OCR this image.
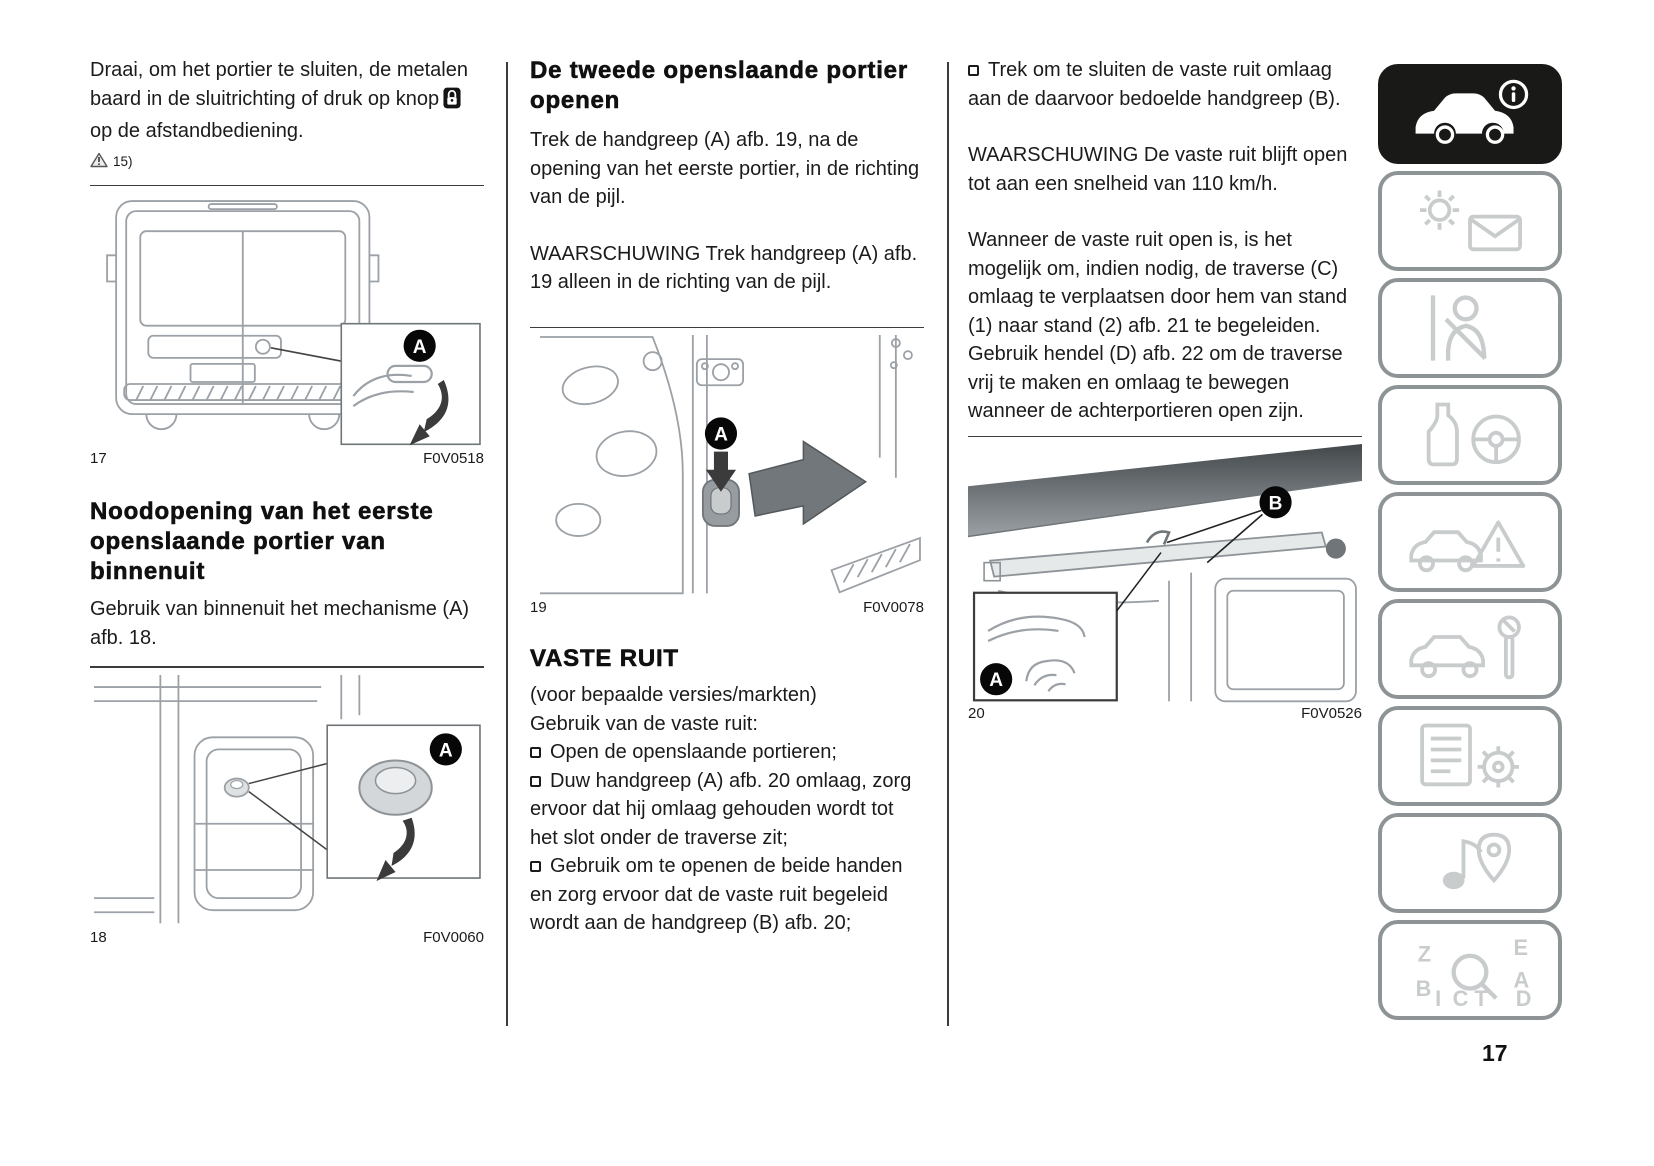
Draai, om het portier te sluiten, de metalen baard in de sluitrichting of druk op knopop de afstandbediening.

15)
A
17	F0V0518
Noodopening van het eerste openslaande portier van binnenuit

Gebruik van binnenuit het mechanisme (A) afb. 18.

A
18	F0V0060
De tweede openslaande portier openen

Trek de handgreep (A) afb. 19, na de opening van het eerste portier, in de richting van de pijl.

WAARSCHUWING Trek handgreep (A) afb. 19 alleen in de richting van de pijl.

A
19	F0V0078
VASTE RUIT

(voor bepaalde versies/markten)

Gebruik van de vaste ruit:

Open de openslaande portieren;

Duw handgreep (A) afb. 20 omlaag, zorg ervoor dat hij omlaag gehouden wordt tot het slot onder de traverse zit;

Gebruik om te openen de beide handen en zorg ervoor dat de vaste ruit begeleid wordt aan de handgreep (B) afb. 20;

Trek om te sluiten de vaste ruit omlaag aan de daarvoor bedoelde handgreep (B).

WAARSCHUWING De vaste ruit blijft open tot aan een snelheid van 110 km/h.

Wanneer de vaste ruit open is, is het mogelijk om, indien nodig, de traverse (C) omlaag te verplaatsen door hem van stand (1) naar stand (2) afb. 21 te begeleiden.

Gebruik hendel (D) afb. 22 om de traverse vrij te maken en omlaag te bewegen wanneer de achterportieren open zijn.

B
A
20	F0V0526
Z	E
B	A
D
I C T
17
